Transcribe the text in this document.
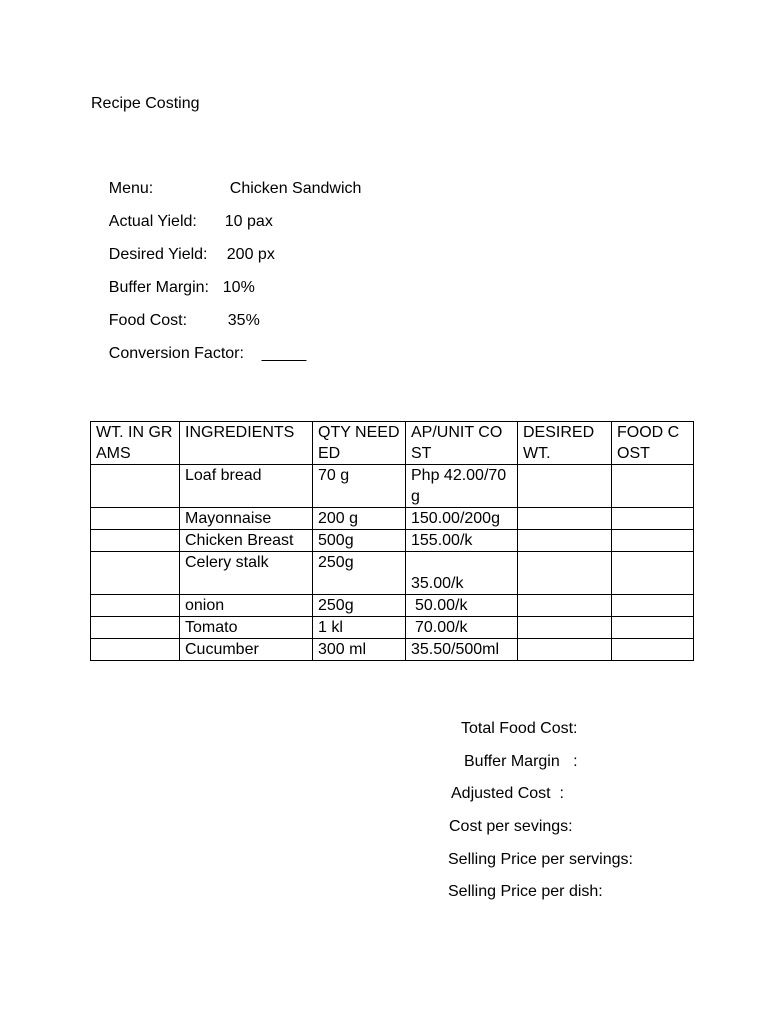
Recipe Costing

Menu:	Chicken Sandwich

Actual Yield: 10 pax

Desired Yield: 200 px

Buffer Margin: 10%

Food Cost:	35%

Conversion Factor: _____

WT. IN GRAMS	INGREDIENTS	QTY NEEDED	AP/UNIT COST	DESIRED WT.	FOOD COST
	Loaf bread	70 g	Php 42.00/70g		
	Mayonnaise	200 g	150.00/200g		
	Chicken Breast	500g	155.00/k		
	Celery stalk	250g	35.00/k		
	onion	250g	50.00/k		
	Tomato	1 kl	70.00/k		
	Cucumber	300 ml	35.50/500ml		
Total Food Cost:
Buffer Margin   :
Adjusted Cost  :
Cost per sevings:
Selling Price per servings:
Selling Price per dish:
